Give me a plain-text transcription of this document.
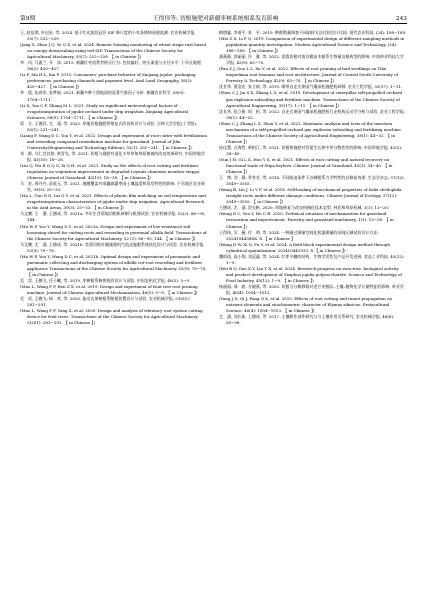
第9期	王得伟等: 切根施肥对新疆枣树系统根系发育影响	243

王, 赵佳琪, 叶启星, 等. 2024. 基于红光波段冠层 SIF 降尺度的小麦条锈病遥感监测. 农业机械学报, 55(7): 252−259.

(Jang X, Zhao J Q, Ye Q X, et al. 2024. Remote Sensing monitoring of wheat stripe rust based on canopy downscaling using red SIF. Transactions of the Chinese Society for Agricultural Machinery, 55(7): 252−259. 【 in Chinese 】)

李　风, 马惠兰, 开　沛. 2015. 新疆红枣消费者购买行为: 包装偏好、购买渠道与支付水平. 干旱区地理, 38(2): 420−427.

(Li F, Ma H L, Kai P. 2015. Consumers' purchase behavior of Xinjiang jujube: packaging preferences, purchasing channels and payment level. Arid Land Geography, 38(2): 420−427. 【 in Chinese 】)

李　俊, 伍春华, 张梦丽. 2021. 新疆多种下滑地面的显著气象因子分析. 新疆农业科学, 58(9): 1704−1711.

(Li X, Yao C F, Zhang M L. 2021. Study on significant meteorological factors of evapotranspiration of jujube orchard under drip irrigation. Xinjiang Agricultural Sciences, 58(9): 1704−1711. 【 in Chinese 】)

雷　方, 王德武, 尤　涌, 等. 2022. 草地切根施肥养殖复式改良机设计与试验. 吉林大学学报(工学版), 52(1): 231−241.

(Liang F, Wang D C, You Y, et al. 2022. Design and experiment of root-cutter with fertilization and reseeding compound remediation machine for grassland. Journal of Jilin University(Engineering and Technology Edition), 52(1): 231−241. 【 in Chinese 】)

刘　群, 乌仁其其格, 黄青先, 等. 2021. 切根与施肥对退化羊草草甸草原植被的改良效果研究. 中国草地学报, 43(10): 18−28.

(Liu Q, Wu R Q Q G, Xi Q H, et al. 2021. Study on the effects of root cutting and fertilizer regulation on vegetation improvement in degraded Leymus chinensis meadow steppe. Chinese Journal of Grassland, 43(10): 18−28. 【 in Chinese 】)

马　宏, 周丹丹, 苗欣元, 等. 2021. 地膜覆盖对南疆滴灌枣园土壤温度和蒸发特性的影响. 干旱地区农业研究, 39(3): 25−33.

(Ma L, Guo D D, Lai Q Y, et al. 2021. Effects of plastic film mulching on soil temperature and evapotranspiration characteristics of jujube under drip irrigation. Agricultural Research in the Arid Areas, 39(3): 25−33. 【 in Chinese 】)

马文鹏, 王　潘, 王德成, 等. 2021a. 多年生苜蓿地切根机研制与机理试验. 农业机械学报, 52(2): 86−95, 144.

(Ma W P, Yoo Y, Wang D C, et al. 2021a. Design and experiment of low-resistance soil loosening shovel for cutting roots and reseeding in perennial alfalfa field. Transactions of the Chinese Society for Agricultural Machinery, 52 (2): 86−95, 144. 【 in Chinese 】)

马文鹏, 尤　涌, 王德成, 等. 2021b. 苜蓿切根补播施肥机气流式施肥系统优化设计与试验. 农业机械学报, 52(9): 70−78.

(Ma W P, You Y, Wang D C, et al. 2021b. Optimal design and experiment of pneumatic and pneumatic collecting and discharging system of alfalfa cut-root reseeding and fertilizer applicator. Transactions of the Chinese Society for Agricultural Machinery, 52(9): 70−78. 【 in Chinese 】)

毛　雷, 王鹏飞, 任子曦, 等. 2019. 枣树根系修剪机的设计与试验. 中国农机化学报, 40(5): 5−9.

(Mao L, Wang P F, Ren Z X, et al. 2019. Design and experiment of fruit tree root pruning machine. Journal of Chinese Agricultural Mechanization, 40(5): 5−9. 【 in Chinese 】)

毛　雷, 王鹏飞, 杨　欢, 等. 2020. 振动式果树根系断根装置设计与试验. 农业机械学报, 51(S1): 281−291.

(Mao L, Wang P F, Yang X, et al. 2020. Design and analysis of vibratory root system cutting device for fruit trees. Transactions of the Chinese Society for Agricultural Machinery, 51(S1): 281−291. 【 in Chinese 】)

梅增鑫, 李道平, 张　平. 2019. 种群数量调查不同取样方法比较设计比较. 现代农业科技, (24): 188−189.

(Mei Z X, Li F Q. 2019. Comparison of experimental design of different sampling methods in population quantity investigation. Modern Agricultural Science and Technology, (24): 188−189. 【 in Chinese 】)

潘燕静, 郭丽丽, 许　雅, 等. 2022. 雷霞切根对南京椴苗木根系生物量及根构型的影响. 中南林业科技大学学报, 42(9): 63−70.

(Pan Z J, Guo L L, Xu Y, et al. 2022. Effects of root pruning of bud seedlings on Tilia miqueliana root biomass and root architecture. Journal of Central South University of Forestry & Technology, 42(9): 63−70. 【 in Chinese 】)

沈长华, 贾浩宏, 张立新, 等. 2019. 喷带自走式果园气爆深松施肥机研制. 农业工程学报, 35(17): 1−11.

(Shen C J, Jia S X, Zhang L X, et al. 2019. Development of caterpillar self-propelled orchard gas explosion subsoiling and fertilizer machine. Transactions of the Chinese Society of Agricultural Engineering, 35(17): 1−11. 【 in Chinese 】)

沈长华, 张立新, 周　松, 等. 2022. 自走式果园气爆深松施肥机行走机构运动学分析与试验. 农业工程学报, 38(1): 44−52.

(Shen C J, Zhang L X, Zhou Y, et al. 2022. Kinematic analysis and tests of the insertion mechanism of a self-propelled orchard gas explosion subsoiling and fertilizing machine. Transactions of the Chinese Society of Agricultural Engineering, 38(1): 44−52. 【 in Chinese 】)

孙佳慧, 吉海哲, 黄相江, 等. 2021. 切根和施肥对苜蓿生长和中养分散性状的影响. 中国草地学报, 43(3): 34−40.

(Sun J H, Gi L X, Huo Y S, et al. 2021. Effects of root cutting and natural recovery on functional traits of Stipa krylovii. Chinese Journal of Grassland, 43(3): 34−40. 【 in Chinese 】)

王　博, 刘　静, 季有芳, 等. 2018. 不同胁迫条件下沙棘根系力学特性的自修复效果. 生态学杂志, 37(12): 3549−3555.

(Wang B, Liu J, Li Y F, et al. 2018. Self-healing of mechanical properties of Salix cheilophila straight roots under different damage conditions. Chinese Journal of Ecology, 37(12): 3549−3555. 【 in Chinese 】)

王德成, 尤　涌, 贺长彬. 2020. 草地修复与改良机械化技术态势. 林业和草原机械, 1(1): 13−20.

(Wang D C, You Y, He C B. 2020. Technical situation of mechanization for grassland restoration and improvement. Forestry and grassland machinery, 1(1): 13−20. 【 in Chinese 】)

王得伟, 吴　薇, 付　明, 等. 2024. 一种通过测量空间化机器测量的田间区域试验设计方法: 2024104438XX. X 【 in Chinese 】

(Wang D W, Xi Q, Fu Y, et al. 2024. A field block experimental design method through cylindrical spatialization: 202410442933. X 【 in Chinese 】)

魏炳琦, 高小翔, 刘廷鑫, 等. 2024. 红枣多糖的结构、生物学活性及产品开发进展. 食品工业科技, 45(12): 1−9.

(Wei B Q, Gao X Y, Liu T X, et al. 2024. Research progress on structure, biological activity and product development of Ziziphus jujuba polysaccharide. Science and Technology of Food Industry, 45(12): 1−9. 【 in Chinese 】)

杨丽丽, 邢　皓, 方晓燕, 等. 2025. 切根与分株移栽对老芒麦根际–土壤–植物化学计量特征的影响. 草业学报, 40(4): 1004−1013.

(Yang J D, Qi J, Fang Q X, et al. 2025. Effects of root cutting and ramet propagation on nutrient elements and stoichiometric character of Elymus sibiricus. Pratacultural Science, 40(4): 1004−1013. 【 in Chinese 】)

尤　涌, 刘长新, 王德成, 等. 2017. 土壤耕作部件研究与与土壤作用关系研究. 农业机械学报, 48(6): 50−58.
